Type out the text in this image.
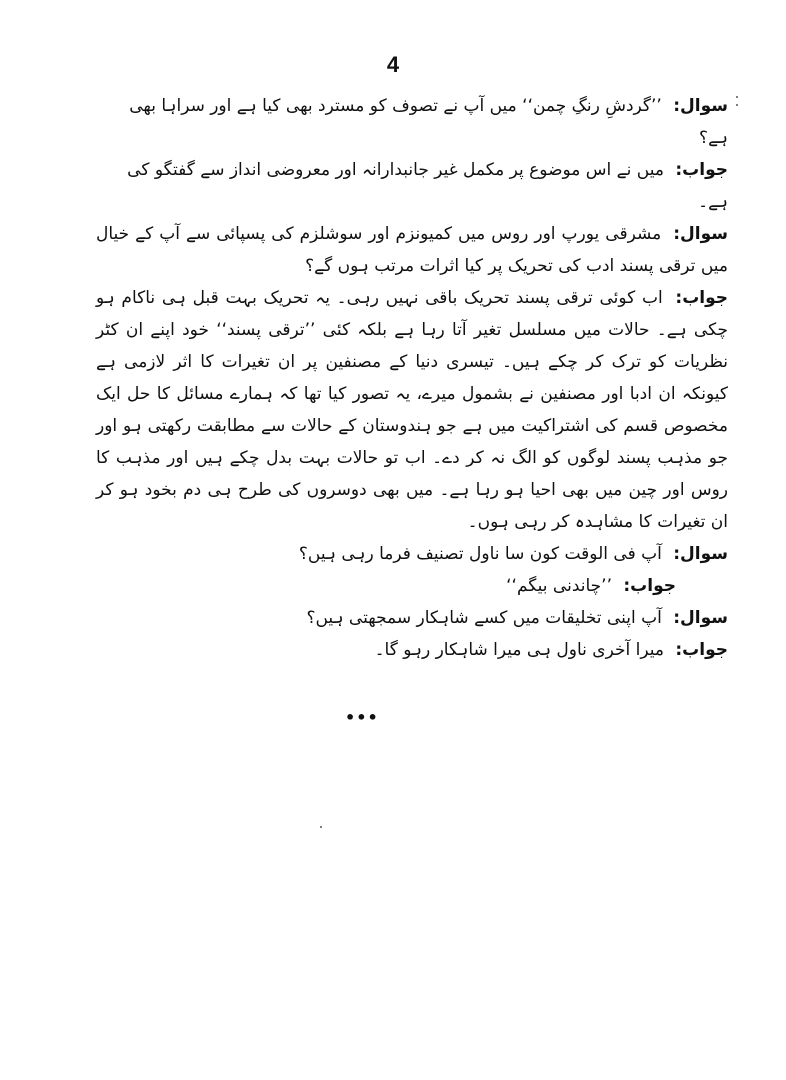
4

سوال: ’’گردشِ رنگِ چمن‘‘ میں آپ نے تصوف کو مسترد بھی کیا ہے اور سراہا بھی ہے؟

جواب: میں نے اس موضوع پر مکمل غیر جانبدارانہ اور معروضی انداز سے گفتگو کی ہے۔

سوال: مشرقی یورپ اور روس میں کمیونزم اور سوشلزم کی پسپائی سے آپ کے خیال میں ترقی پسند ادب کی تحریک پر کیا اثرات مرتب ہوں گے؟

جواب: اب کوئی ترقی پسند تحریک باقی نہیں رہی۔ یہ تحریک بہت قبل ہی ناکام ہو چکی ہے۔ حالات میں مسلسل تغیر آتا رہا ہے بلکہ کئی ’’ترقی پسند‘‘ خود اپنے ان کٹر نظریات کو ترک کر چکے ہیں۔ تیسری دنیا کے مصنفین پر ان تغیرات کا اثر لازمی ہے کیونکہ ان ادبا اور مصنفین نے بشمول میرے، یہ تصور کیا تھا کہ ہمارے مسائل کا حل ایک مخصوص قسم کی اشتراکیت میں ہے جو ہندوستان کے حالات سے مطابقت رکھتی ہو اور جو مذہب پسند لوگوں کو الگ نہ کر دے۔ اب تو حالات بہت بدل چکے ہیں اور مذہب کا روس اور چین میں بھی احیا ہو رہا ہے۔ میں بھی دوسروں کی طرح ہی دم بخود ہو کر ان تغیرات کا مشاہدہ کر رہی ہوں۔

سوال: آپ فی الوقت کون سا ناول تصنیف فرما رہی ہیں؟

جواب: ’’چاندنی بیگم‘‘

سوال: آپ اپنی تخلیقات میں کسے شاہکار سمجھتی ہیں؟

جواب: میرا آخری ناول ہی میرا شاہکار رہو گا۔

•••
